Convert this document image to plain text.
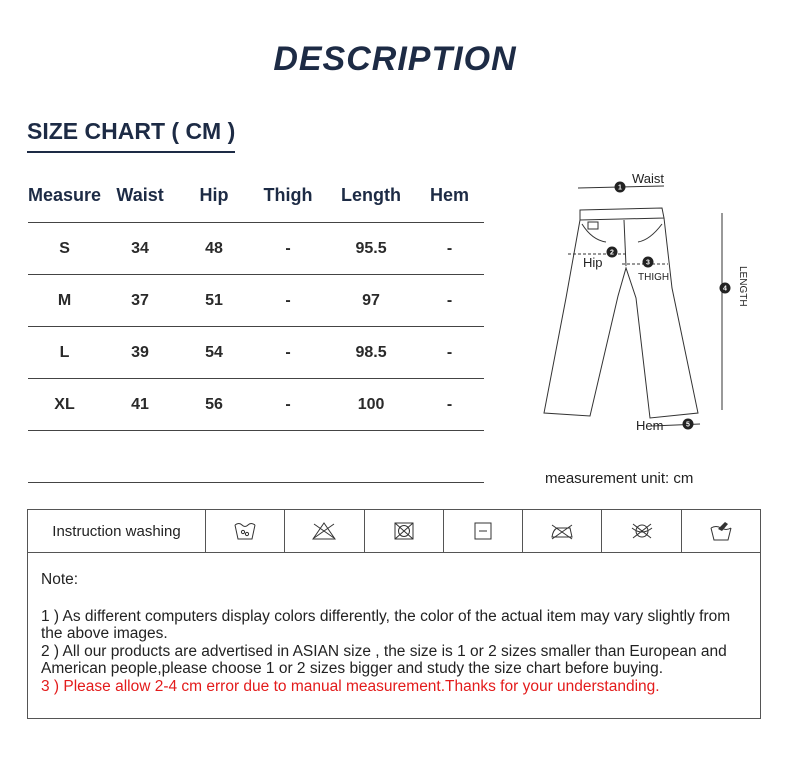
DESCRIPTION
SIZE CHART ( CM )
Measure	Waist	Hip	Thigh	Length	Hem
S	34	48	-	95.5	-
M	37	51	-	97	-
L	39	54	-	98.5	-
XL	41	56	-	100	-
1
2
3
4
5
Waist
Hip
THIGH
Hem
LENGTH
measurement unit: cm
Instruction washing
Note:
1 ) As different computers display colors differently, the color of the actual item may vary slightly from the above images.
2 ) All our products are advertised in ASIAN size , the size is 1 or 2 sizes smaller than European and American people,please choose 1 or 2 sizes bigger and study the size chart before buying.
3 ) Please allow 2-4 cm error due to manual measurement.Thanks for your understanding.
